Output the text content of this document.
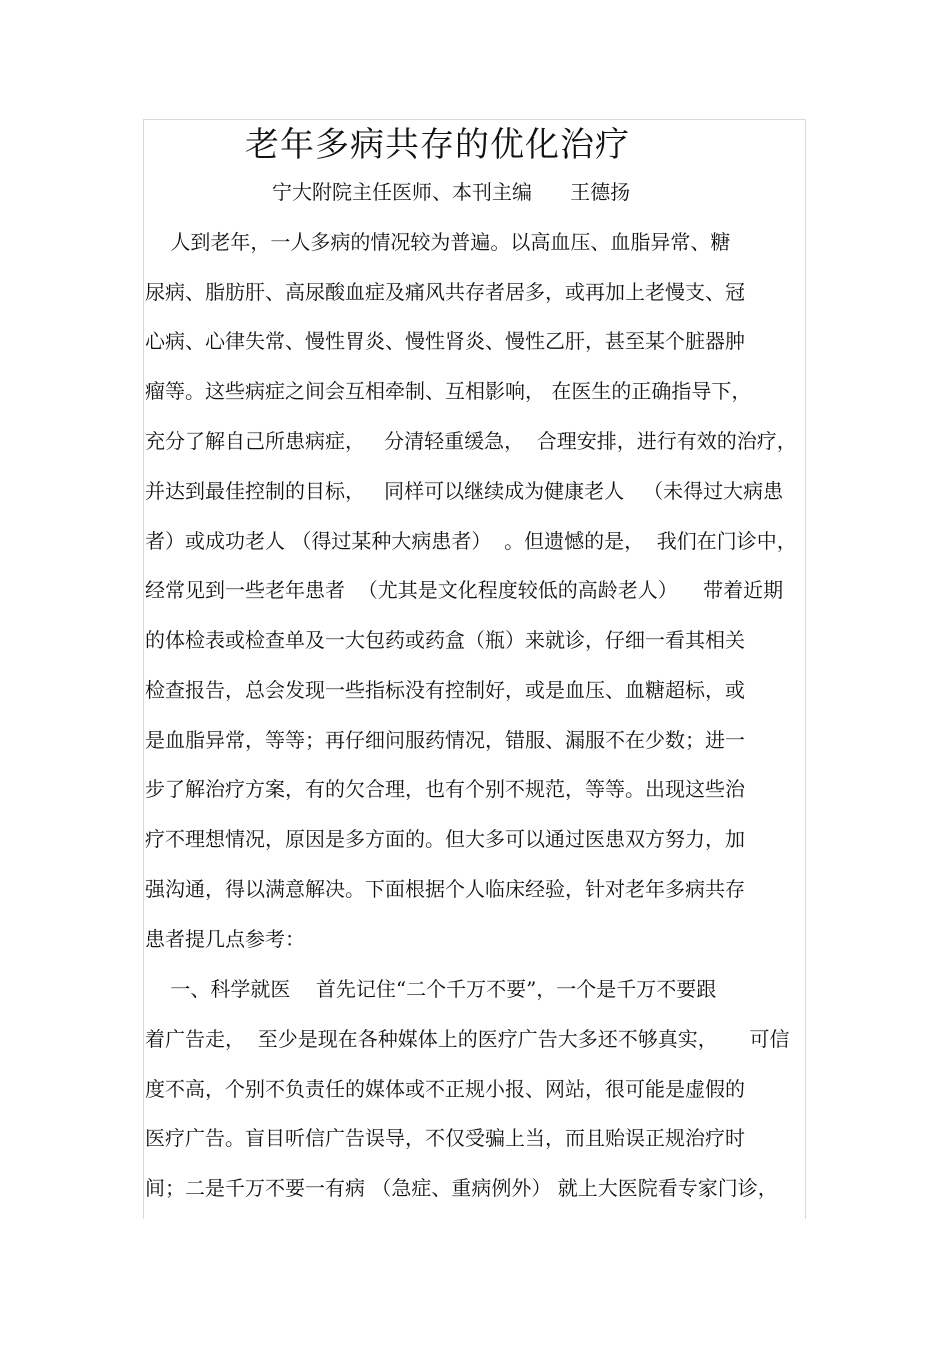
老年多病共存的优化治疗
宁大附院主任医师、本刊主编      王德扬
人到老年，一人多病的情况较为普遍。以高血压、血脂异常、糖
尿病、脂肪肝、高尿酸血症及痛风共存者居多，或再加上老慢支、冠
心病、心律失常、慢性胃炎、慢性肾炎、慢性乙肝，甚至某个脏器肿
瘤等。这些病症之间会互相牵制、互相影响， 在医生的正确指导下，
充分了解自己所患病症，   分清轻重缓急，  合理安排，进行有效的治疗，
并达到最佳控制的目标，   同样可以继续成为健康老人   （未得过大病患
者）或成功老人 （得过某种大病患者）  。但遗憾的是，  我们在门诊中，
经常见到一些老年患者  （尤其是文化程度较低的高龄老人）    带着近期
的体检表或检查单及一大包药或药盒（瓶）来就诊，仔细一看其相关
检查报告，总会发现一些指标没有控制好，或是血压、血糖超标，或
是血脂异常，等等；再仔细问服药情况，错服、漏服不在少数；进一
步了解治疗方案，有的欠合理，也有个别不规范，等等。出现这些治
疗不理想情况，原因是多方面的。但大多可以通过医患双方努力，加
强沟通，得以满意解决。下面根据个人临床经验，针对老年多病共存
患者提几点参考：
一、科学就医    首先记住“二个千万不要”，一个是千万不要跟
着广告走，  至少是现在各种媒体上的医疗广告大多还不够真实，     可信
度不高，个别不负责任的媒体或不正规小报、网站，很可能是虚假的
医疗广告。盲目听信广告误导，不仅受骗上当，而且贻误正规治疗时
间；二是千万不要一有病 （急症、重病例外） 就上大医院看专家门诊，
